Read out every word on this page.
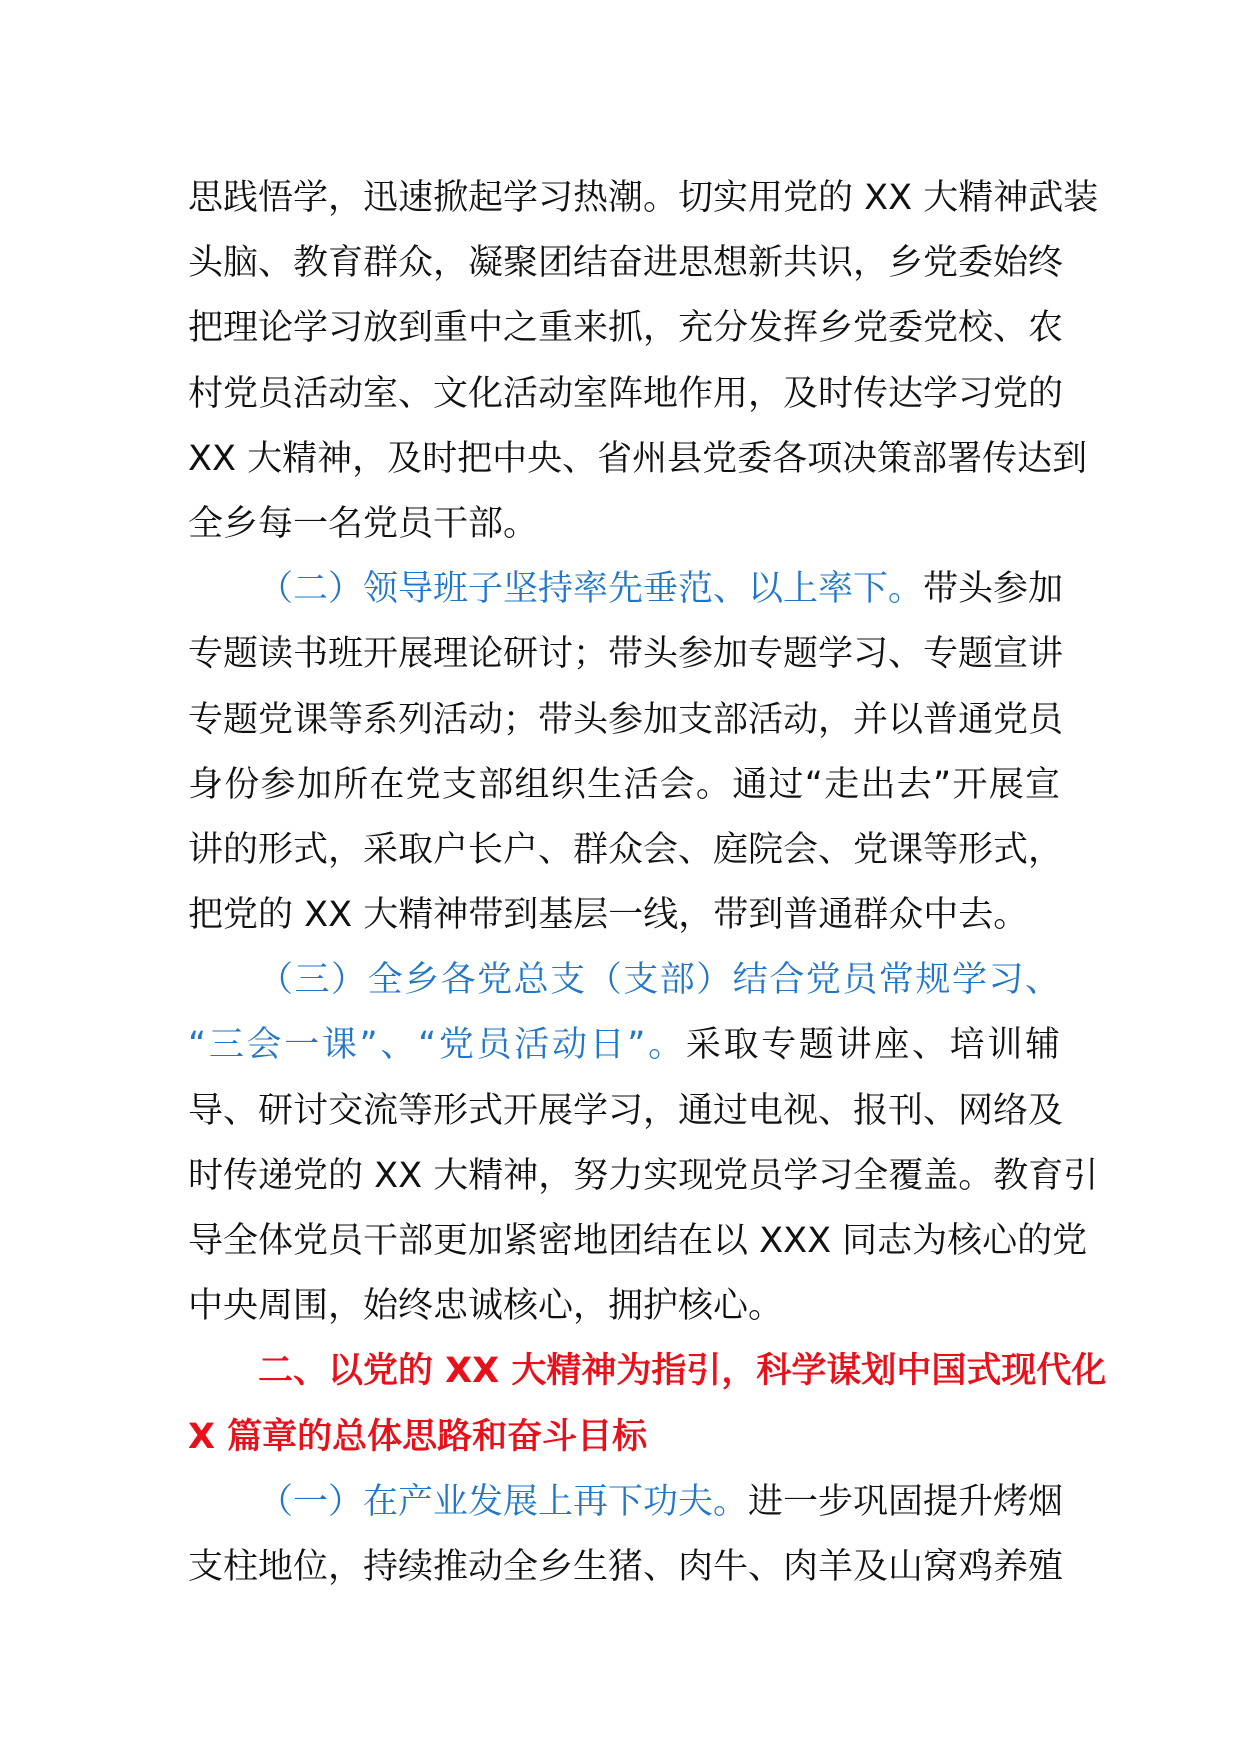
思践悟学，迅速掀起学习热潮。切实用党的 XX 大精神武装
头脑、教育群众，凝聚团结奋进思想新共识，乡党委始终
把理论学习放到重中之重来抓，充分发挥乡党委党校、农
村党员活动室、文化活动室阵地作用，及时传达学习党的
XX 大精神，及时把中央、省州县党委各项决策部署传达到
全乡每一名党员干部。
（二）领导班子坚持率先垂范、以上率下。带头参加
专题读书班开展理论研讨；带头参加专题学习、专题宣讲
专题党课等系列活动；带头参加支部活动，并以普通党员
身份参加所在党支部组织生活会。通过“走出去”开展宣
讲的形式，采取户长户、群众会、庭院会、党课等形式，
把党的 XX 大精神带到基层一线，带到普通群众中去。
（三）全乡各党总支（支部）结合党员常规学习、
“三会一课”、“党员活动日”。采取专题讲座、培训辅
导、研讨交流等形式开展学习，通过电视、报刊、网络及
时传递党的 XX 大精神，努力实现党员学习全覆盖。教育引
导全体党员干部更加紧密地团结在以 XXX 同志为核心的党
中央周围，始终忠诚核心，拥护核心。
二、以党的 XX 大精神为指引，科学谋划中国式现代化
X 篇章的总体思路和奋斗目标
（一）在产业发展上再下功夫。进一步巩固提升烤烟
支柱地位，持续推动全乡生猪、肉牛、肉羊及山窝鸡养殖
